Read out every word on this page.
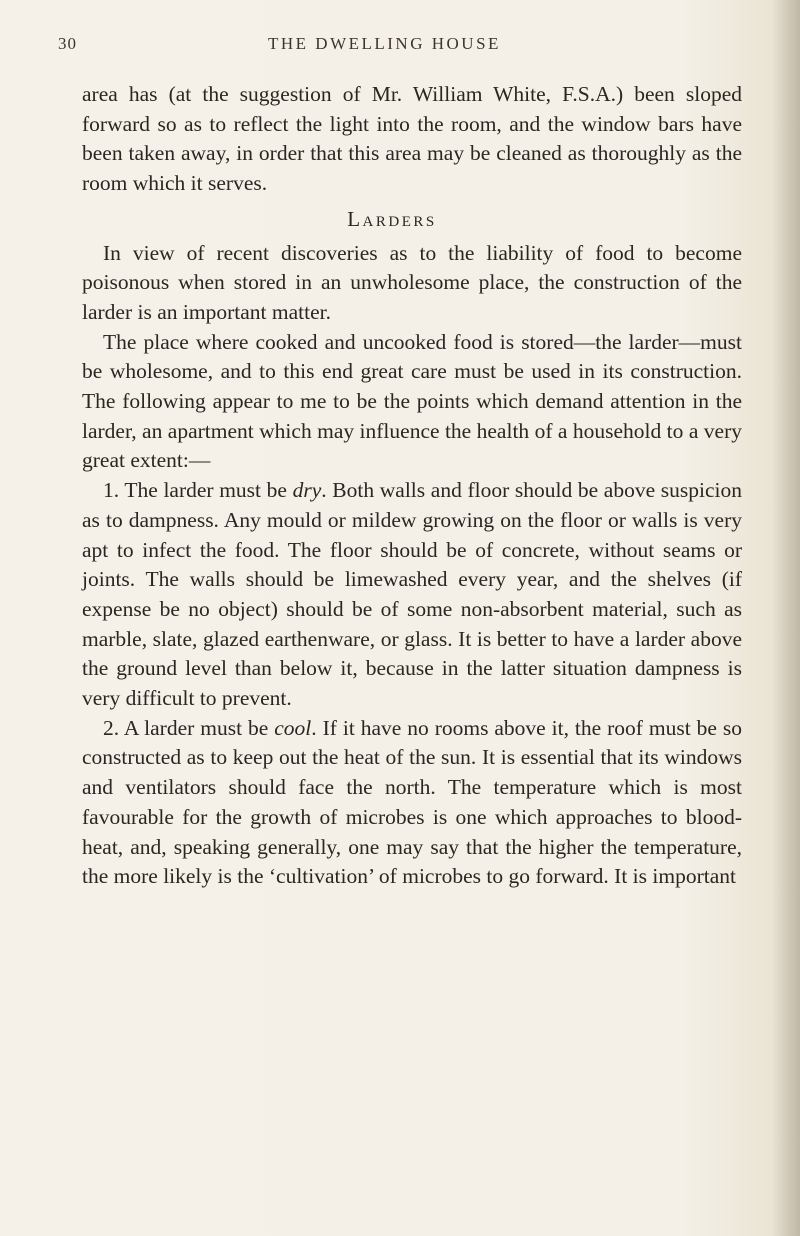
30	THE DWELLING HOUSE

area has (at the suggestion of Mr. William White, F.S.A.) been sloped forward so as to reflect the light into the room, and the window bars have been taken away, in order that this area may be cleaned as thoroughly as the room which it serves.

Larders

In view of recent discoveries as to the liability of food to become poisonous when stored in an unwholesome place, the construction of the larder is an important matter.

The place where cooked and uncooked food is stored—the larder—must be wholesome, and to this end great care must be used in its construction. The following appear to me to be the points which demand attention in the larder, an apartment which may influence the health of a household to a very great extent:—

1. The larder must be dry. Both walls and floor should be above suspicion as to dampness. Any mould or mildew growing on the floor or walls is very apt to infect the food. The floor should be of concrete, without seams or joints. The walls should be limewashed every year, and the shelves (if expense be no object) should be of some non-absorbent material, such as marble, slate, glazed earthenware, or glass. It is better to have a larder above the ground level than below it, because in the latter situation dampness is very difficult to prevent.

2. A larder must be cool. If it have no rooms above it, the roof must be so constructed as to keep out the heat of the sun. It is essential that its windows and ventilators should face the north. The temperature which is most favourable for the growth of microbes is one which approaches to blood-heat, and, speaking generally, one may say that the higher the temperature, the more likely is the ‘cultivation’ of microbes to go forward. It is important
